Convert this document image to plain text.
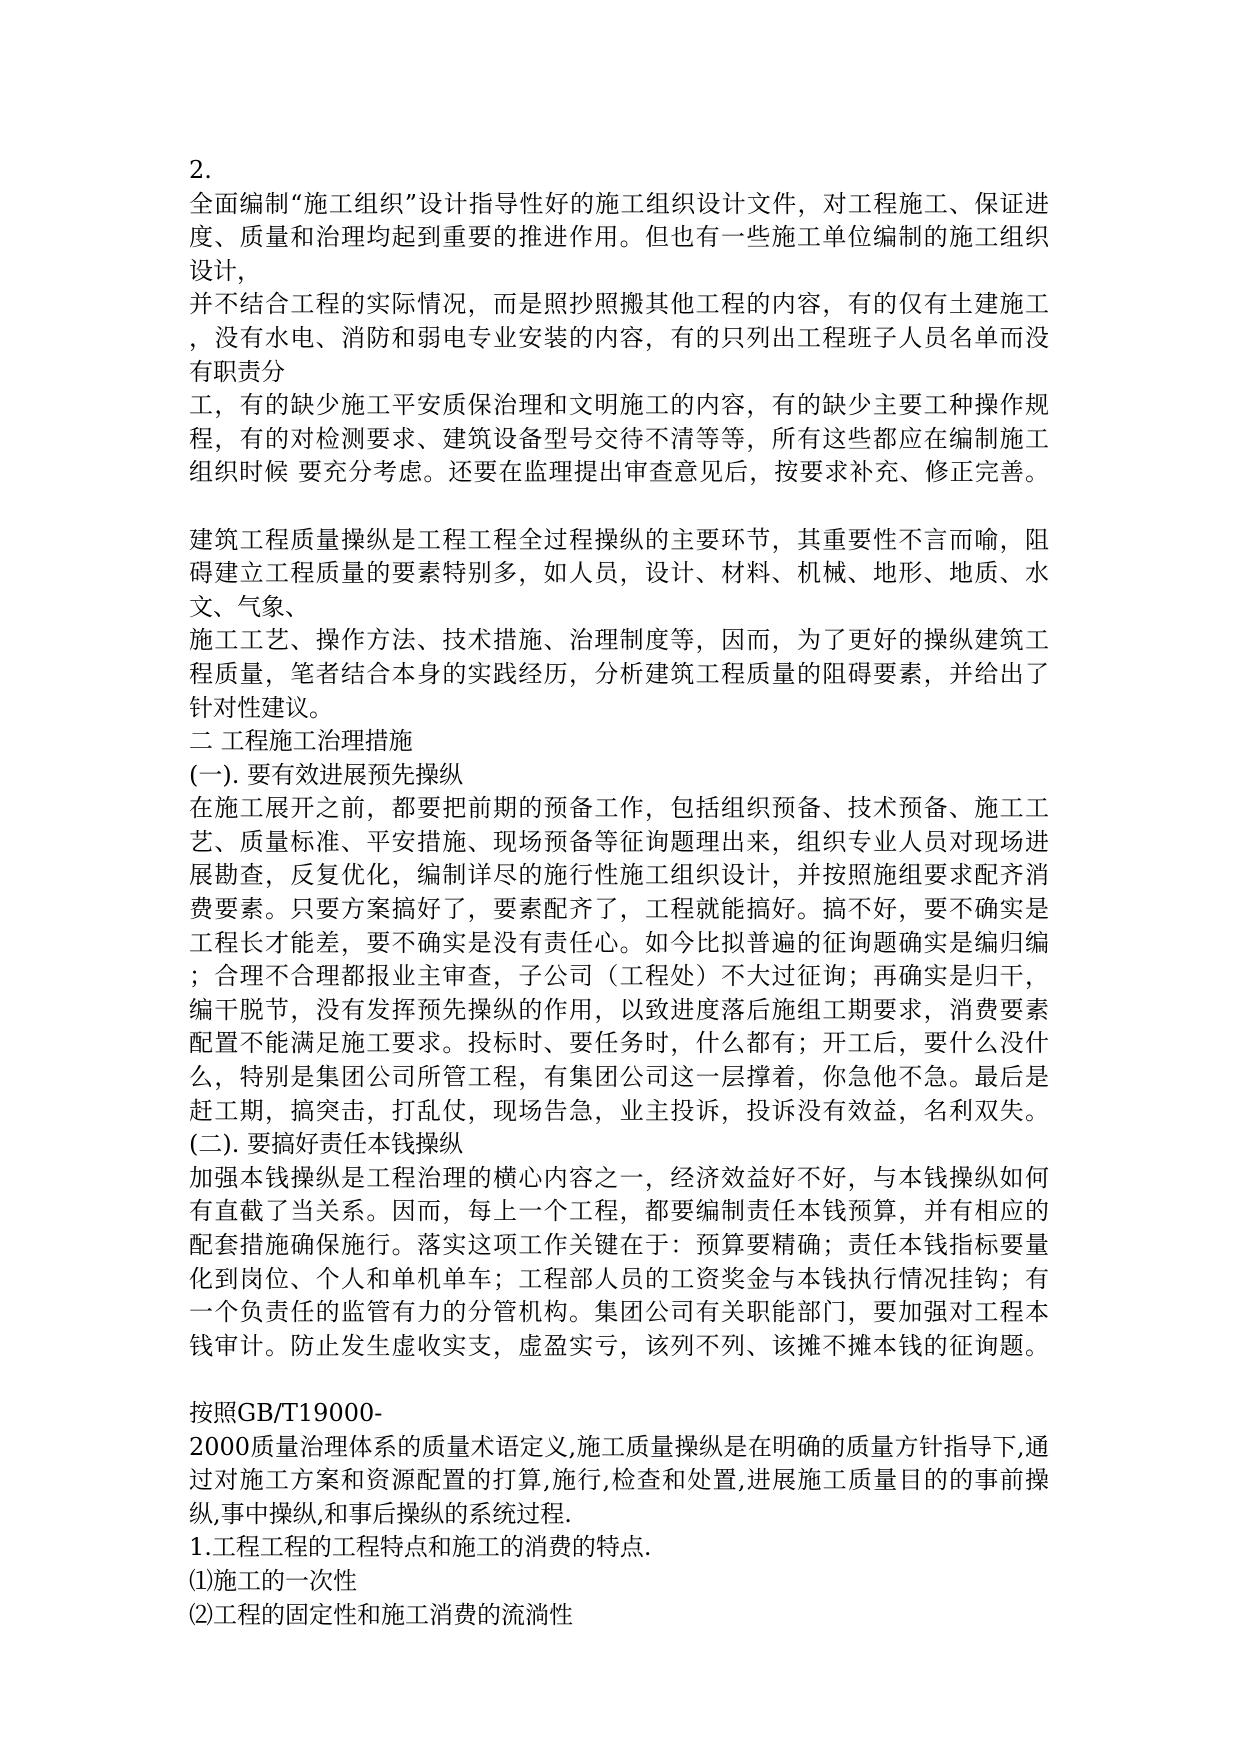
2.
全面编制“施工组织”设计指导性好的施工组织设计文件，对工程施工、保证进
度、质量和治理均起到重要的推进作用。但也有一些施工单位编制的施工组织
设计，
并不结合工程的实际情况，而是照抄照搬其他工程的内容，有的仅有土建施工
，没有水电、消防和弱电专业安装的内容，有的只列出工程班子人员名单而没
有职责分
工，有的缺少施工平安质保治理和文明施工的内容，有的缺少主要工种操作规
程，有的对检测要求、建筑设备型号交待不清等等，所有这些都应在编制施工
组织时候 要充分考虑。还要在监理提出审查意见后，按要求补充、修正完善。
建筑工程质量操纵是工程工程全过程操纵的主要环节，其重要性不言而喻，阻
碍建立工程质量的要素特别多，如人员，设计、材料、机械、地形、地质、水
文、气象、
施工工艺、操作方法、技术措施、治理制度等，因而，为了更好的操纵建筑工
程质量，笔者结合本身的实践经历，分析建筑工程质量的阻碍要素，并给出了
针对性建议。
二 工程施工治理措施
(一). 要有效进展预先操纵
在施工展开之前，都要把前期的预备工作，包括组织预备、技术预备、施工工
艺、质量标准、平安措施、现场预备等征询题理出来，组织专业人员对现场进
展勘查，反复优化，编制详尽的施行性施工组织设计，并按照施组要求配齐消
费要素。只要方案搞好了，要素配齐了，工程就能搞好。搞不好，要不确实是
工程长才能差，要不确实是没有责任心。如今比拟普遍的征询题确实是编归编
；合理不合理都报业主审查，子公司（工程处）不大过征询；再确实是归干，
编干脱节，没有发挥预先操纵的作用，以致进度落后施组工期要求，消费要素
配置不能满足施工要求。投标时、要任务时，什么都有；开工后，要什么没什
么，特别是集团公司所管工程，有集团公司这一层撑着，你急他不急。最后是
赶工期，搞突击，打乱仗，现场告急，业主投诉，投诉没有效益，名利双失。
(二). 要搞好责任本钱操纵
加强本钱操纵是工程治理的横心内容之一，经济效益好不好，与本钱操纵如何
有直截了当关系。因而，每上一个工程，都要编制责任本钱预算，并有相应的
配套措施确保施行。落实这项工作关键在于：预算要精确；责任本钱指标要量
化到岗位、个人和单机单车；工程部人员的工资奖金与本钱执行情况挂钩；有
一个负责任的监管有力的分管机构。集团公司有关职能部门，要加强对工程本
钱审计。防止发生虚收实支，虚盈实亏，该列不列、该摊不摊本钱的征询题。
按照GB/T19000-
2000质量治理体系的质量术语定义,施工质量操纵是在明确的质量方针指导下,通
过对施工方案和资源配置的打算,施行,检查和处置,进展施工质量目的的事前操
纵,事中操纵,和事后操纵的系统过程.
1.工程工程的工程特点和施工的消费的特点.
⑴施工的一次性
⑵工程的固定性和施工消费的流淌性
